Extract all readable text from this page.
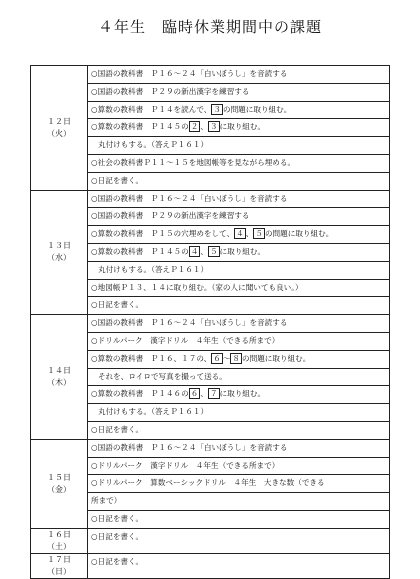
４年生　臨時休業期間中の課題
１２日
（火）	○国語の教科書　Ｐ１６～２４「白いぼうし」を音読する

	○国語の教科書　Ｐ２９の新出漢字を練習する

	○算数の教科書　Ｐ１４を読んで、 ３ の問題に取り組む。

	○算数の教科書　Ｐ１４５の ２ 、 ３ に取り組む。

	丸付けもする。（答えＰ１６１）

	○社会の教科書Ｐ１１～１５を地図帳等を見ながら埋める。

	○日記を書く。

１３日
（水）	○国語の教科書　Ｐ１６～２４「白いぼうし」を音読する

	○国語の教科書　Ｐ２９の新出漢字を練習する

	○算数の教科書　Ｐ１５の穴埋めをして、 ４ 、 ５ の問題に取り組む。

	○算数の教科書　Ｐ１４５の ４ 、 ５ に取り組む。

	丸付けもする。（答えＰ１６１）

	○地図帳Ｐ１３、１４に取り組む。（家の人に聞いても良い。）

	○日記を書く。

１４日
（木）	○国語の教科書　Ｐ１６～２４「白いぼうし」を音読する

	○ドリルパーク　漢字ドリル　４年生（できる所まで）

	○算数の教科書　Ｐ１６、１７の、 ６ ～ ８ の問題に取り組む。

	それを、ロイロで写真を撮って送る。

	○算数の教科書　Ｐ１４６の ６ 、 ７ に取り組む。

	丸付けもする。（答えＰ１６１）

	○日記を書く。

１５日
（金）	○国語の教科書　Ｐ１６～２４「白いぼうし」を音読する

	○ドリルパーク　漢字ドリル　４年生（できる所まで）

	○ドリルパーク　算数ベーシックドリル　４年生　大きな数（できる

	所まで）

	○日記を書く。

１６日
（土）	○日記を書く。

１７日
（日）	○日記を書く。
